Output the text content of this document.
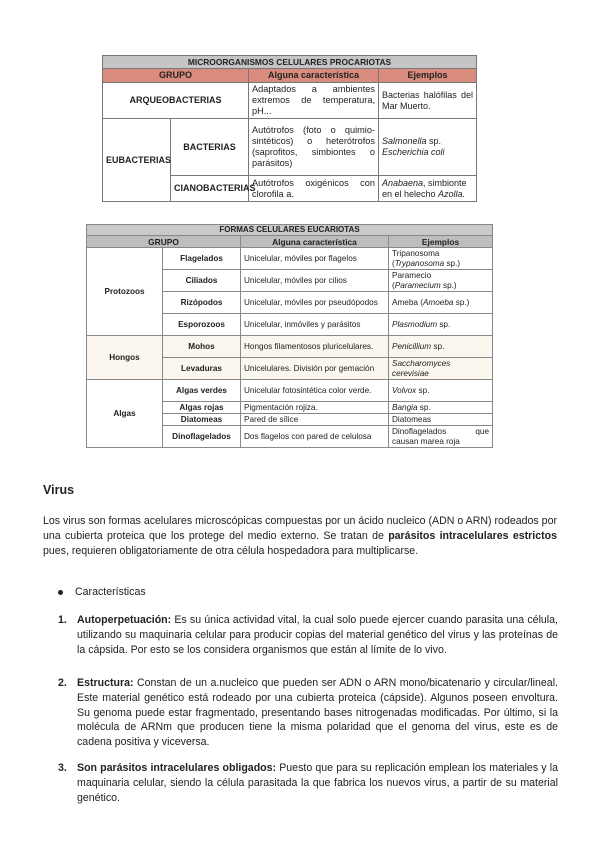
MICROORGANISMOS CELULARES PROCARIOTAS			
GRUPO		Alguna característica	Ejemplos
ARQUEOBACTERIAS		Adaptados a ambientes extremos de temperatura, pH...	Bacterias halófilas del Mar Muerto.
EUBACTERIAS	BACTERIAS	Autótrofos (foto o quimio-sintéticos) o heterótrofos (saprofitos, simbiontes o parásitos)	Salmonella sp.
Escherichia coli
	CIANOBACTERIAS	Autótrofos oxigénicos con clorofila a.	Anabaena, simbionte en el helecho Azolla.
FORMAS CELULARES EUCARIOTAS			
GRUPO		Alguna característica	Ejemplos
Protozoos	Flagelados	Unicelular, móviles por flagelos	Tripanosoma
(Trypanosoma sp.)
	Ciliados	Unicelular, móviles por cilios	Paramecio
(Paramecium sp.)
	Rizópodos	Unicelular, móviles por pseudópodos	Ameba (Amoeba sp.)
	Esporozoos	Unicelular, inmóviles y parásitos	Plasmodium sp.
Hongos	Mohos	Hongos filamentosos pluricelulares.	Penicillium sp.
	Levaduras	Unicelulares. División por gemación	Saccharomyces cerevisiae
Algas	Algas verdes	Unicelular fotosintética color verde.	Volvox sp.
	Algas rojas	Pigmentación rojiza.	Bangia sp.
	Diatomeas	Pared de sílice	Diatomeas
	Dinoflagelados	Dos flagelos con pared de celulosa	Dinoflagelados que causan marea roja
Virus
Los virus son formas acelulares microscópicas compuestas por un ácido nucleico (ADN o ARN) rodeados por una cubierta proteica que los protege del medio externo. Se tratan de parásitos intracelulares estrictos pues, requieren obligatoriamente de otra célula hospedadora para multiplicarse.
Características
1. Autoperpetuación: Es su única actividad vital, la cual solo puede ejercer cuando parasita una célula, utilizando su maquinaria celular para producir copias del material genético del virus y las proteínas de la cápsida. Por esto se los considera organismos que están al límite de lo vivo.
2. Estructura: Constan de un a.nucleico que pueden ser ADN o ARN mono/bicatenario y circular/lineal. Este material genético está rodeado por una cubierta proteica (cápside). Algunos poseen envoltura. Su genoma puede estar fragmentado, presentando bases nitrogenadas modificadas. Por último, si la molécula de ARNm que producen tiene la misma polaridad que el genoma del virus, este es de cadena positiva y viceversa.
3. Son parásitos intracelulares obligados: Puesto que para su replicación emplean los materiales y la maquinaria celular, siendo la célula parasitada la que fabrica los nuevos virus, a partir de su material genético.
